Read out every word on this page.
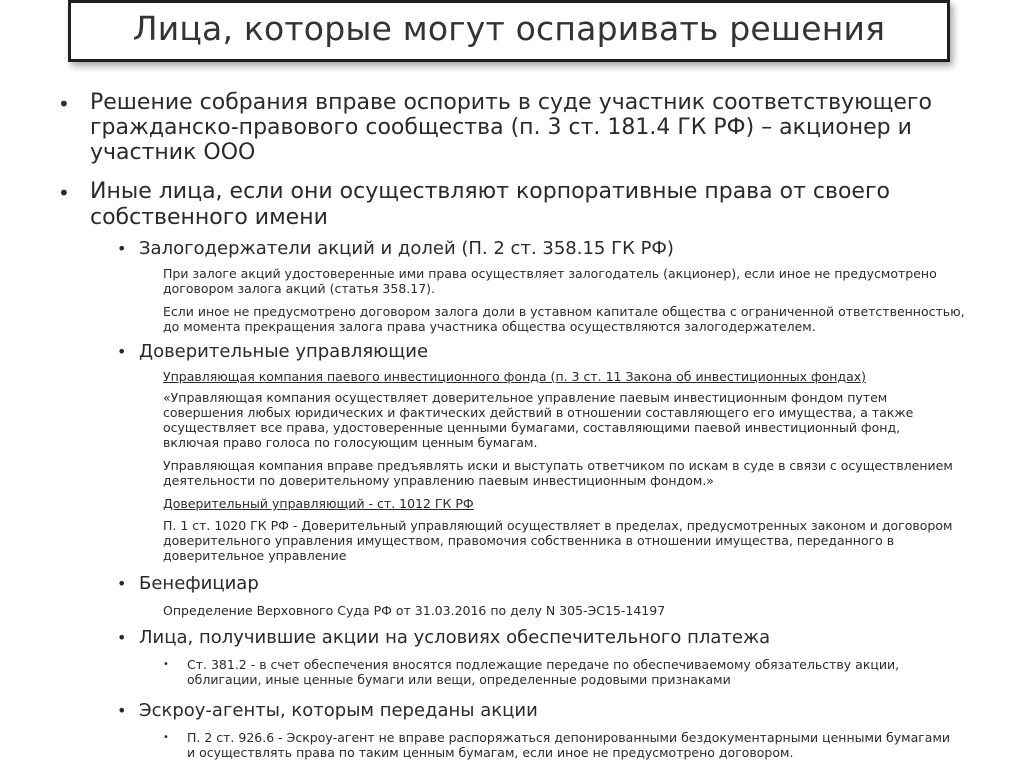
Лица, которые могут оспаривать решения
• Решение собрания вправе оспорить в суде участник соответствующего
гражданско-правового сообщества (п. 3 ст. 181.4 ГК РФ) – акционер и
участник ООО
• Иные лица, если они осуществляют корпоративные права от своего
собственного имени
• Залогодержатели акций и долей (П. 2 ст. 358.15 ГК РФ)
При залоге акций удостоверенные ими права осуществляет залогодатель (акционер), если иное не предусмотрено
договором залога акций (статья 358.17).
Если иное не предусмотрено договором залога доли в уставном капитале общества с ограниченной ответственностью,
до момента прекращения залога права участника общества осуществляются залогодержателем.
• Доверительные управляющие
Управляющая компания паевого инвестиционного фонда (п. 3 ст. 11 Закона об инвестиционных фондах)
«Управляющая компания осуществляет доверительное управление паевым инвестиционным фондом путем
совершения любых юридических и фактических действий в отношении составляющего его имущества, а также
осуществляет все права, удостоверенные ценными бумагами, составляющими паевой инвестиционный фонд,
включая право голоса по голосующим ценным бумагам.
Управляющая компания вправе предъявлять иски и выступать ответчиком по искам в суде в связи с осуществлением
деятельности по доверительному управлению паевым инвестиционным фондом.»
Доверительный управляющий - ст. 1012 ГК РФ
П. 1 ст. 1020 ГК РФ - Доверительный управляющий осуществляет в пределах, предусмотренных законом и договором
доверительного управления имуществом, правомочия собственника в отношении имущества, переданного в
доверительное управление
• Бенефициар
Определение Верховного Суда РФ от 31.03.2016 по делу N 305-ЭС15-14197
• Лица, получившие акции на условиях обеспечительного платежа
• Ст. 381.2 - в счет обеспечения вносятся подлежащие передаче по обеспечиваемому обязательству акции,
облигации, иные ценные бумаги или вещи, определенные родовыми признаками
• Эскроу-агенты, которым переданы акции
• П. 2 ст. 926.6 - Эскроу-агент не вправе распоряжаться депонированными бездокументарными ценными бумагами
и осуществлять права по таким ценным бумагам, если иное не предусмотрено договором.
